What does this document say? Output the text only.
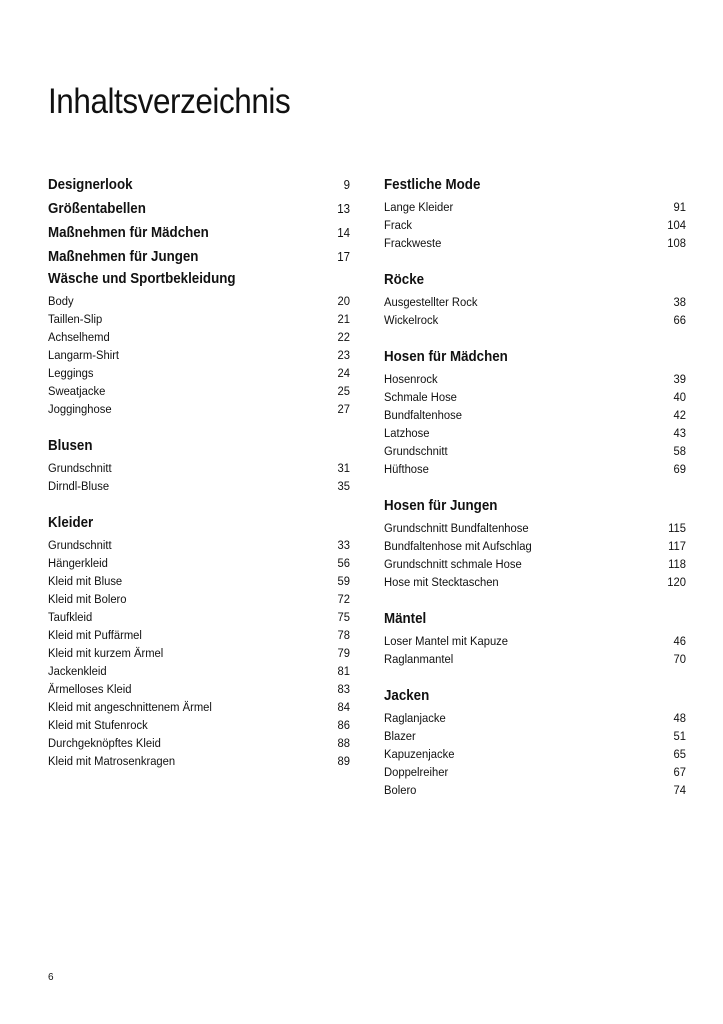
Inhaltsverzeichnis
Designerlook	9
Größentabellen	13
Maßnehmen für Mädchen	14
Maßnehmen für Jungen	17
Wäsche und Sportbekleidung
Body	20
Taillen-Slip	21
Achselhemd	22
Langarm-Shirt	23
Leggings	24
Sweatjacke	25
Jogginghose	27
Blusen
Grundschnitt	31
Dirndl-Bluse	35
Kleider
Grundschnitt	33
Hängerkleid	56
Kleid mit Bluse	59
Kleid mit Bolero	72
Taufkleid	75
Kleid mit Puffärmel	78
Kleid mit kurzem Ärmel	79
Jackenkleid	81
Ärmelloses Kleid	83
Kleid mit angeschnittenem Ärmel	84
Kleid mit Stufenrock	86
Durchgeknöpftes Kleid	88
Kleid mit Matrosenkragen	89
Festliche Mode
Lange Kleider	91
Frack	104
Frackweste	108
Röcke
Ausgestellter Rock	38
Wickelrock	66
Hosen für Mädchen
Hosenrock	39
Schmale Hose	40
Bundfaltenhose	42
Latzhose	43
Grundschnitt	58
Hüfthose	69
Hosen für Jungen
Grundschnitt Bundfaltenhose	115
Bundfaltenhose mit Aufschlag	117
Grundschnitt schmale Hose	118
Hose mit Stecktaschen	120
Mäntel
Loser Mantel mit Kapuze	46
Raglanmantel	70
Jacken
Raglanjacke	48
Blazer	51
Kapuzenjacke	65
Doppelreiher	67
Bolero	74
6
